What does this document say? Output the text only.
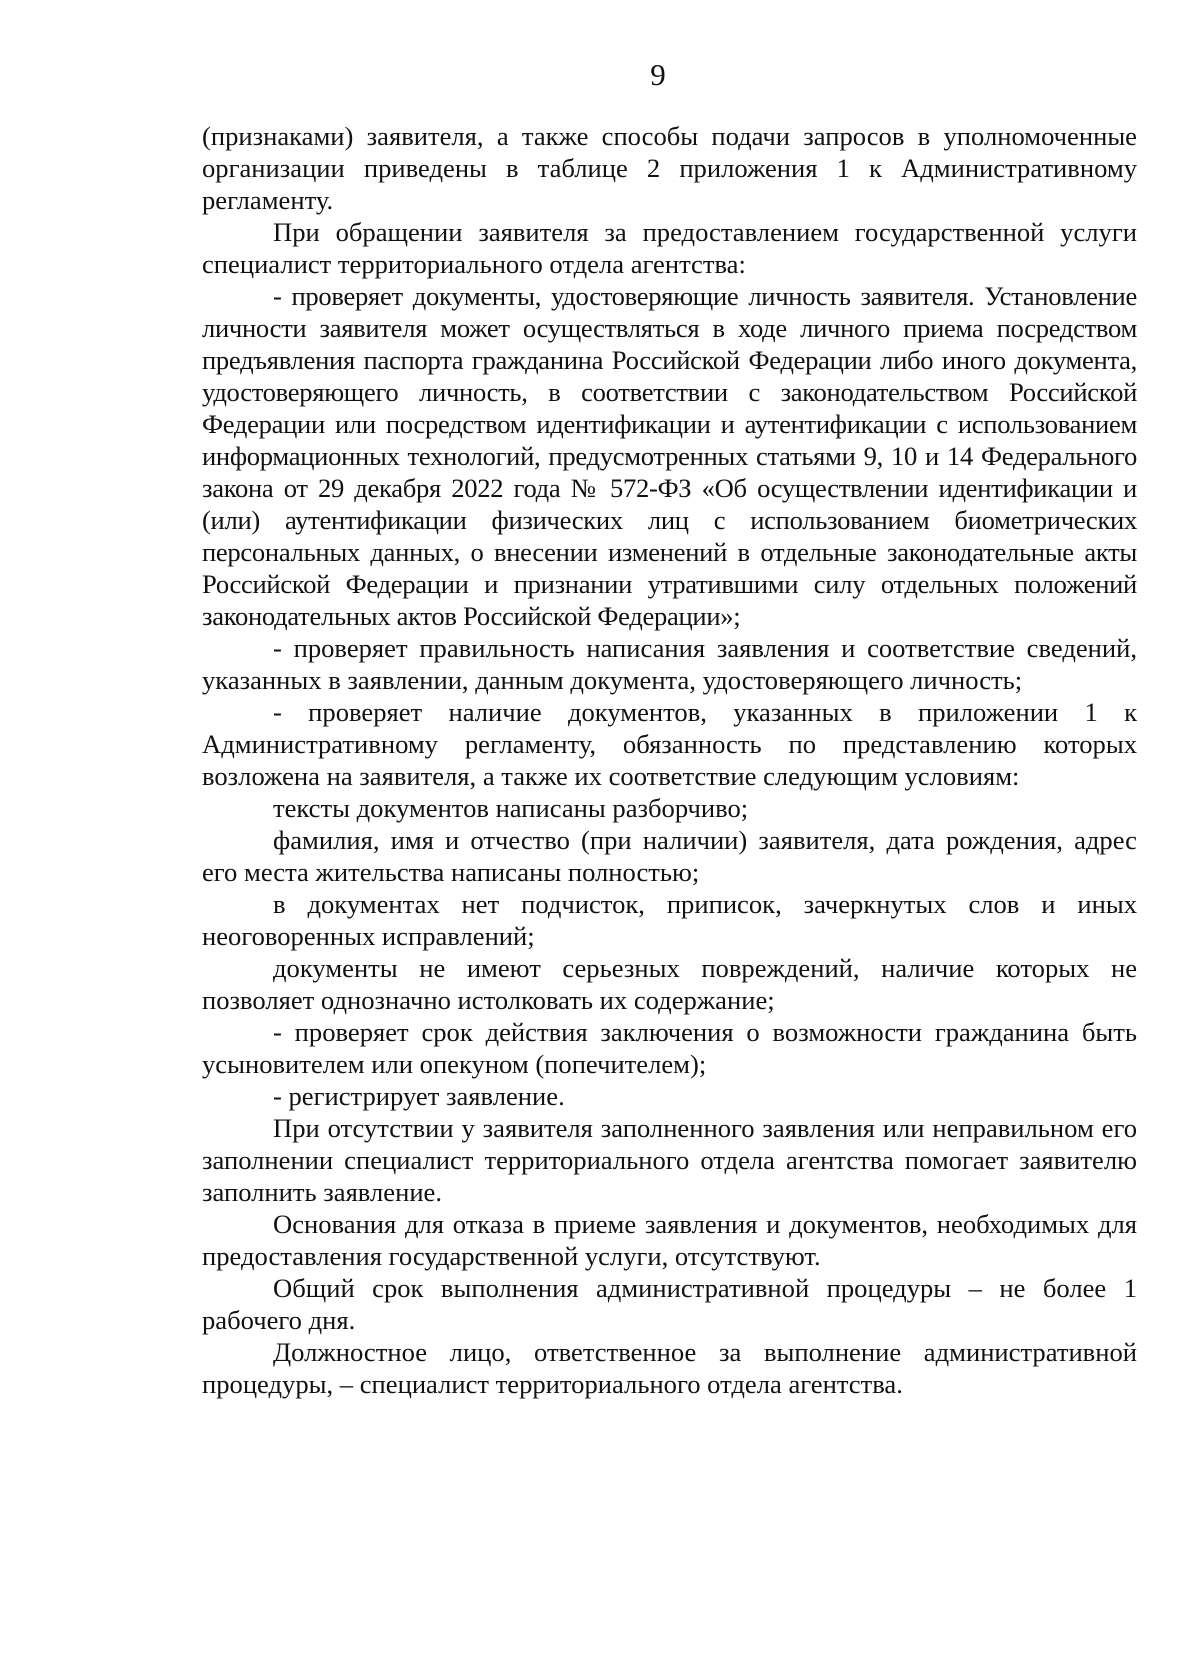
9

(признаками) заявителя, а также способы подачи запросов в уполномоченные организации приведены в таблице 2 приложения 1 к Административному регламенту.

При обращении заявителя за предоставлением государственной услуги специалист территориального отдела агентства:

- проверяет документы, удостоверяющие личность заявителя. Установление личности заявителя может осуществляться в ходе личного приема посредством предъявления паспорта гражданина Российской Федерации либо иного документа, удостоверяющего личность, в соответствии с законодательством Российской Федерации или посредством идентификации и аутентификации с использованием информационных технологий, предусмотренных статьями 9, 10 и 14 Федерального закона от 29 декабря 2022 года № 572-ФЗ «Об осуществлении идентификации и (или) аутентификации физических лиц с использованием биометрических персональных данных, о внесении изменений в отдельные законодательные акты Российской Федерации и признании утратившими силу отдельных положений законодательных актов Российской Федерации»;

- проверяет правильность написания заявления и соответствие сведений, указанных в заявлении, данным документа, удостоверяющего личность;

- проверяет наличие документов, указанных в приложении 1 к Административному регламенту, обязанность по представлению которых возложена на заявителя, а также их соответствие следующим условиям:

тексты документов написаны разборчиво;

фамилия, имя и отчество (при наличии) заявителя, дата рождения, адрес его места жительства написаны полностью;

в документах нет подчисток, приписок, зачеркнутых слов и иных неоговоренных исправлений;

документы не имеют серьезных повреждений, наличие которых не позволяет однозначно истолковать их содержание;

- проверяет срок действия заключения о возможности гражданина быть усыновителем или опекуном (попечителем);

- регистрирует заявление.

При отсутствии у заявителя заполненного заявления или неправильном его заполнении специалист территориального отдела агентства помогает заявителю заполнить заявление.

Основания для отказа в приеме заявления и документов, необходимых для предоставления государственной услуги, отсутствуют.

Общий срок выполнения административной процедуры – не более 1 рабочего дня.

Должностное лицо, ответственное за выполнение административной процедуры, – специалист территориального отдела агентства.
